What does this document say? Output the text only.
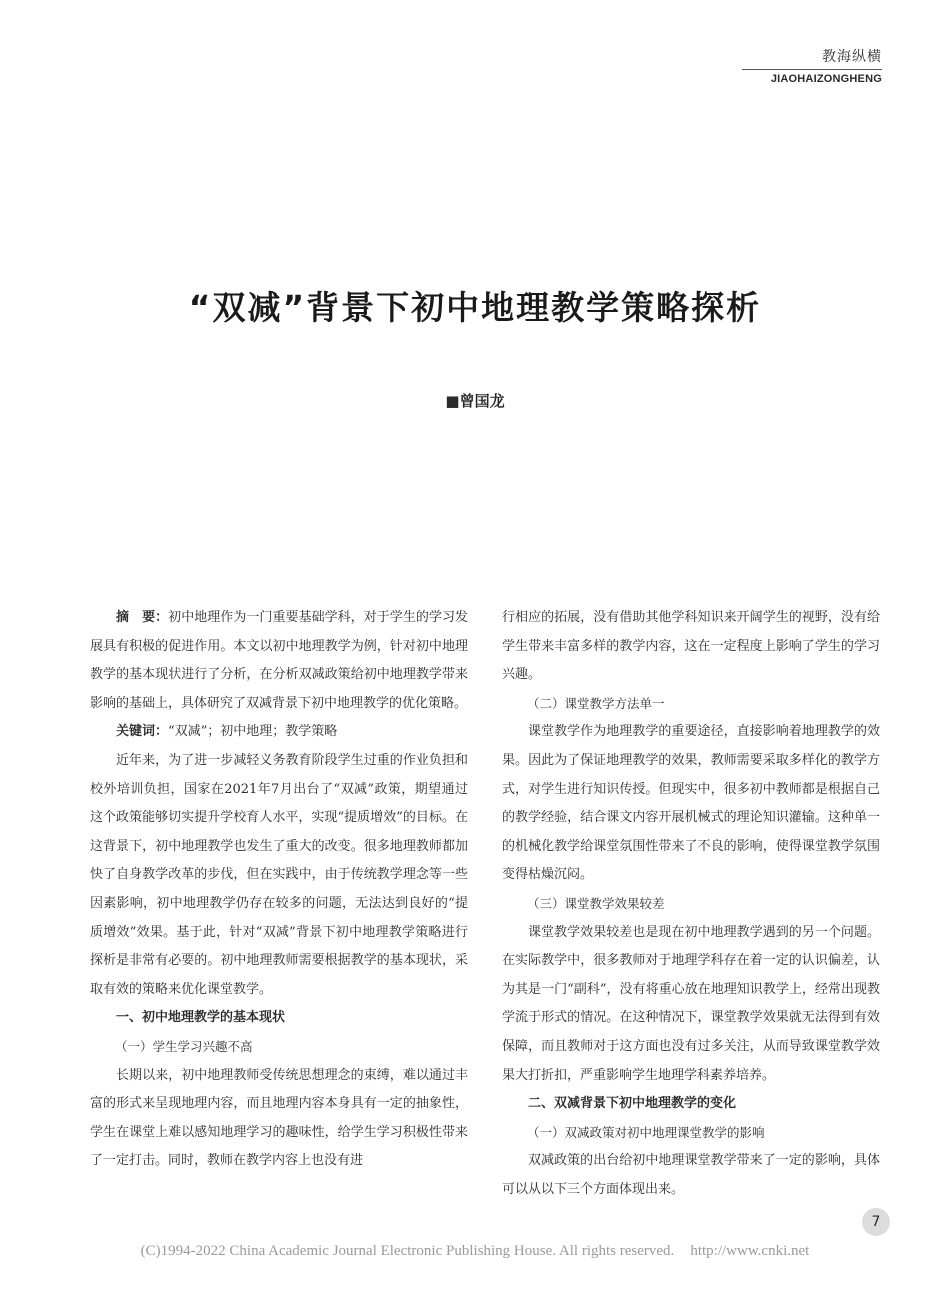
教海纵横
JIAOHAIZONGHENG
“双减”背景下初中地理教学策略探析
■曾国龙

摘　要：初中地理作为一门重要基础学科，对于学生的学习发展具有积极的促进作用。本文以初中地理教学为例，针对初中地理教学的基本现状进行了分析，在分析双减政策给初中地理教学带来影响的基础上，具体研究了双减背景下初中地理教学的优化策略。

关键词：“双减”；初中地理；教学策略

近年来，为了进一步减轻义务教育阶段学生过重的作业负担和校外培训负担，国家在2021年7月出台了“双减”政策，期望通过这个政策能够切实提升学校育人水平，实现“提质增效”的目标。在这背景下，初中地理教学也发生了重大的改变。很多地理教师都加快了自身教学改革的步伐，但在实践中，由于传统教学理念等一些因素影响，初中地理教学仍存在较多的问题，无法达到良好的“提质增效”效果。基于此，针对“双减”背景下初中地理教学策略进行探析是非常有必要的。初中地理教师需要根据教学的基本现状，采取有效的策略来优化课堂教学。

一、初中地理教学的基本现状

（一）学生学习兴趣不高

长期以来，初中地理教师受传统思想理念的束缚，难以通过丰富的形式来呈现地理内容，而且地理内容本身具有一定的抽象性，学生在课堂上难以感知地理学习的趣味性，给学生学习积极性带来了一定打击。同时，教师在教学内容上也没有进

行相应的拓展，没有借助其他学科知识来开阔学生的视野，没有给学生带来丰富多样的教学内容，这在一定程度上影响了学生的学习兴趣。

（二）课堂教学方法单一

课堂教学作为地理教学的重要途径，直接影响着地理教学的效果。因此为了保证地理教学的效果，教师需要采取多样化的教学方式，对学生进行知识传授。但现实中，很多初中教师都是根据自己的教学经验，结合课文内容开展机械式的理论知识灌输。这种单一的机械化教学给课堂氛围性带来了不良的影响，使得课堂教学氛围变得枯燥沉闷。

（三）课堂教学效果较差

课堂教学效果较差也是现在初中地理教学遇到的另一个问题。在实际教学中，很多教师对于地理学科存在着一定的认识偏差，认为其是一门“副科”，没有将重心放在地理知识教学上，经常出现教学流于形式的情况。在这种情况下，课堂教学效果就无法得到有效保障，而且教师对于这方面也没有过多关注，从而导致课堂教学效果大打折扣，严重影响学生地理学科素养培养。

二、双减背景下初中地理教学的变化

（一）双减政策对初中地理课堂教学的影响

双减政策的出台给初中地理课堂教学带来了一定的影响，具体可以从以下三个方面体现出来。

7
(C)1994-2022 China Academic Journal Electronic Publishing House. All rights reserved. http://www.cnki.net
